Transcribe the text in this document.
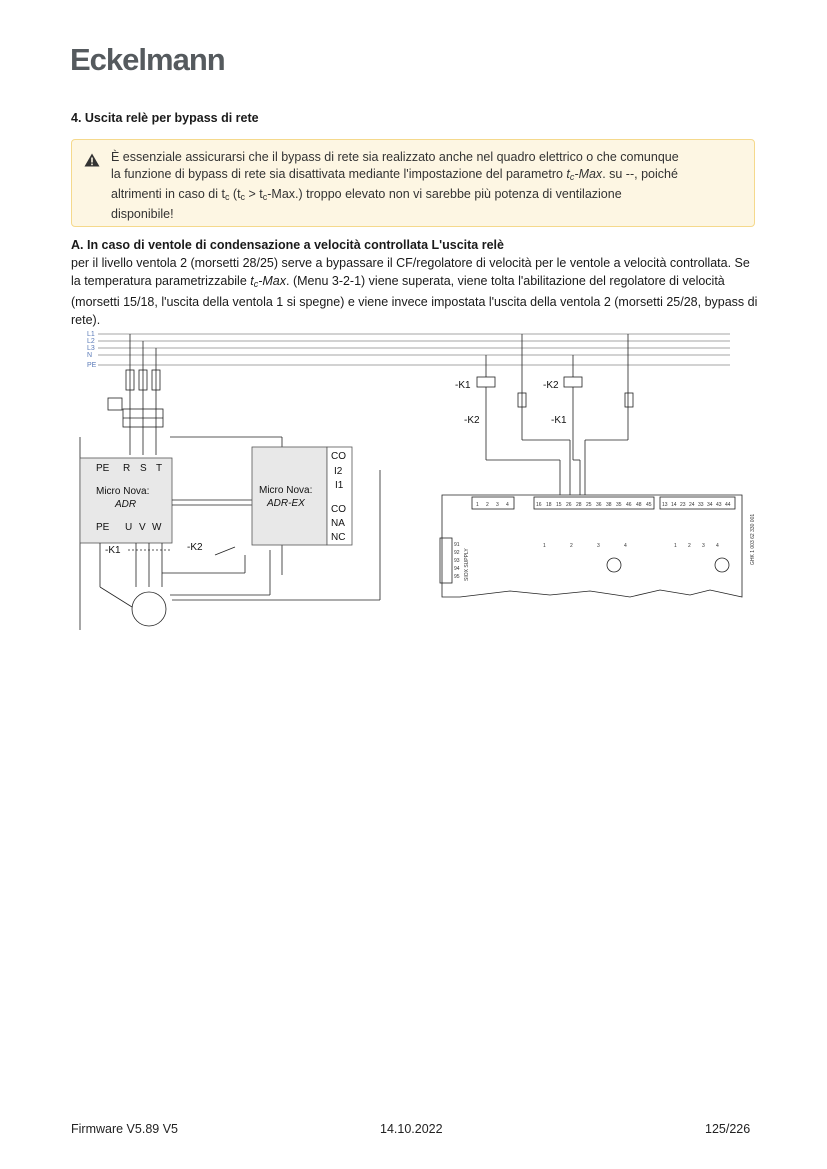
Eckelmann
4. Uscita relè per bypass di rete
È essenziale assicurarsi che il bypass di rete sia realizzato anche nel quadro elettrico o che comunque
la funzione di bypass di rete sia disattivata mediante l'impostazione del parametro $t_c$-Max. su --, poiché
altrimenti in caso di $t_c$ $(t_c > t_c-Max.)$ troppo elevato non vi sarebbe più potenza di ventilazione
disponibile!
A. In caso di ventole di condensazione a velocità controllata L'uscita relè
per il livello ventola 2 (morsetti 28/25) serve a bypassare il CF/regolatore di velocità per le ventole a velocità controllata. Se la temperatura parametrizzabile $t_c$-Max. (Menu 3-2-1) viene superata, viene tolta l'abilitazione del regolatore di velocità (morsetti 15/18, l'uscita della ventola 1 si spegne) e viene invece impostata l'uscita della ventola 2 (morsetti 25/28, bypass di rete).
L1
L2
L3
N
PE
PE R S T
Micro Nova:
ADR
PE U V W
Micro Nova:
ADR-EX
CO
I2
I1
CO
NA
NC
-K1	-K2
-K1	-K2
-K2	-K1
1 2 3 4	16 18 15 26 28 25 36 38 35 46 48 45 13 14 23 24 33 34 43 44
1	2	3	4	1 2 3 4
91
92
93
94
95 SIOX SUPPLY	GHK 1 003 62 330 001
Firmware V5.89 V5	14.10.2022	125/226
